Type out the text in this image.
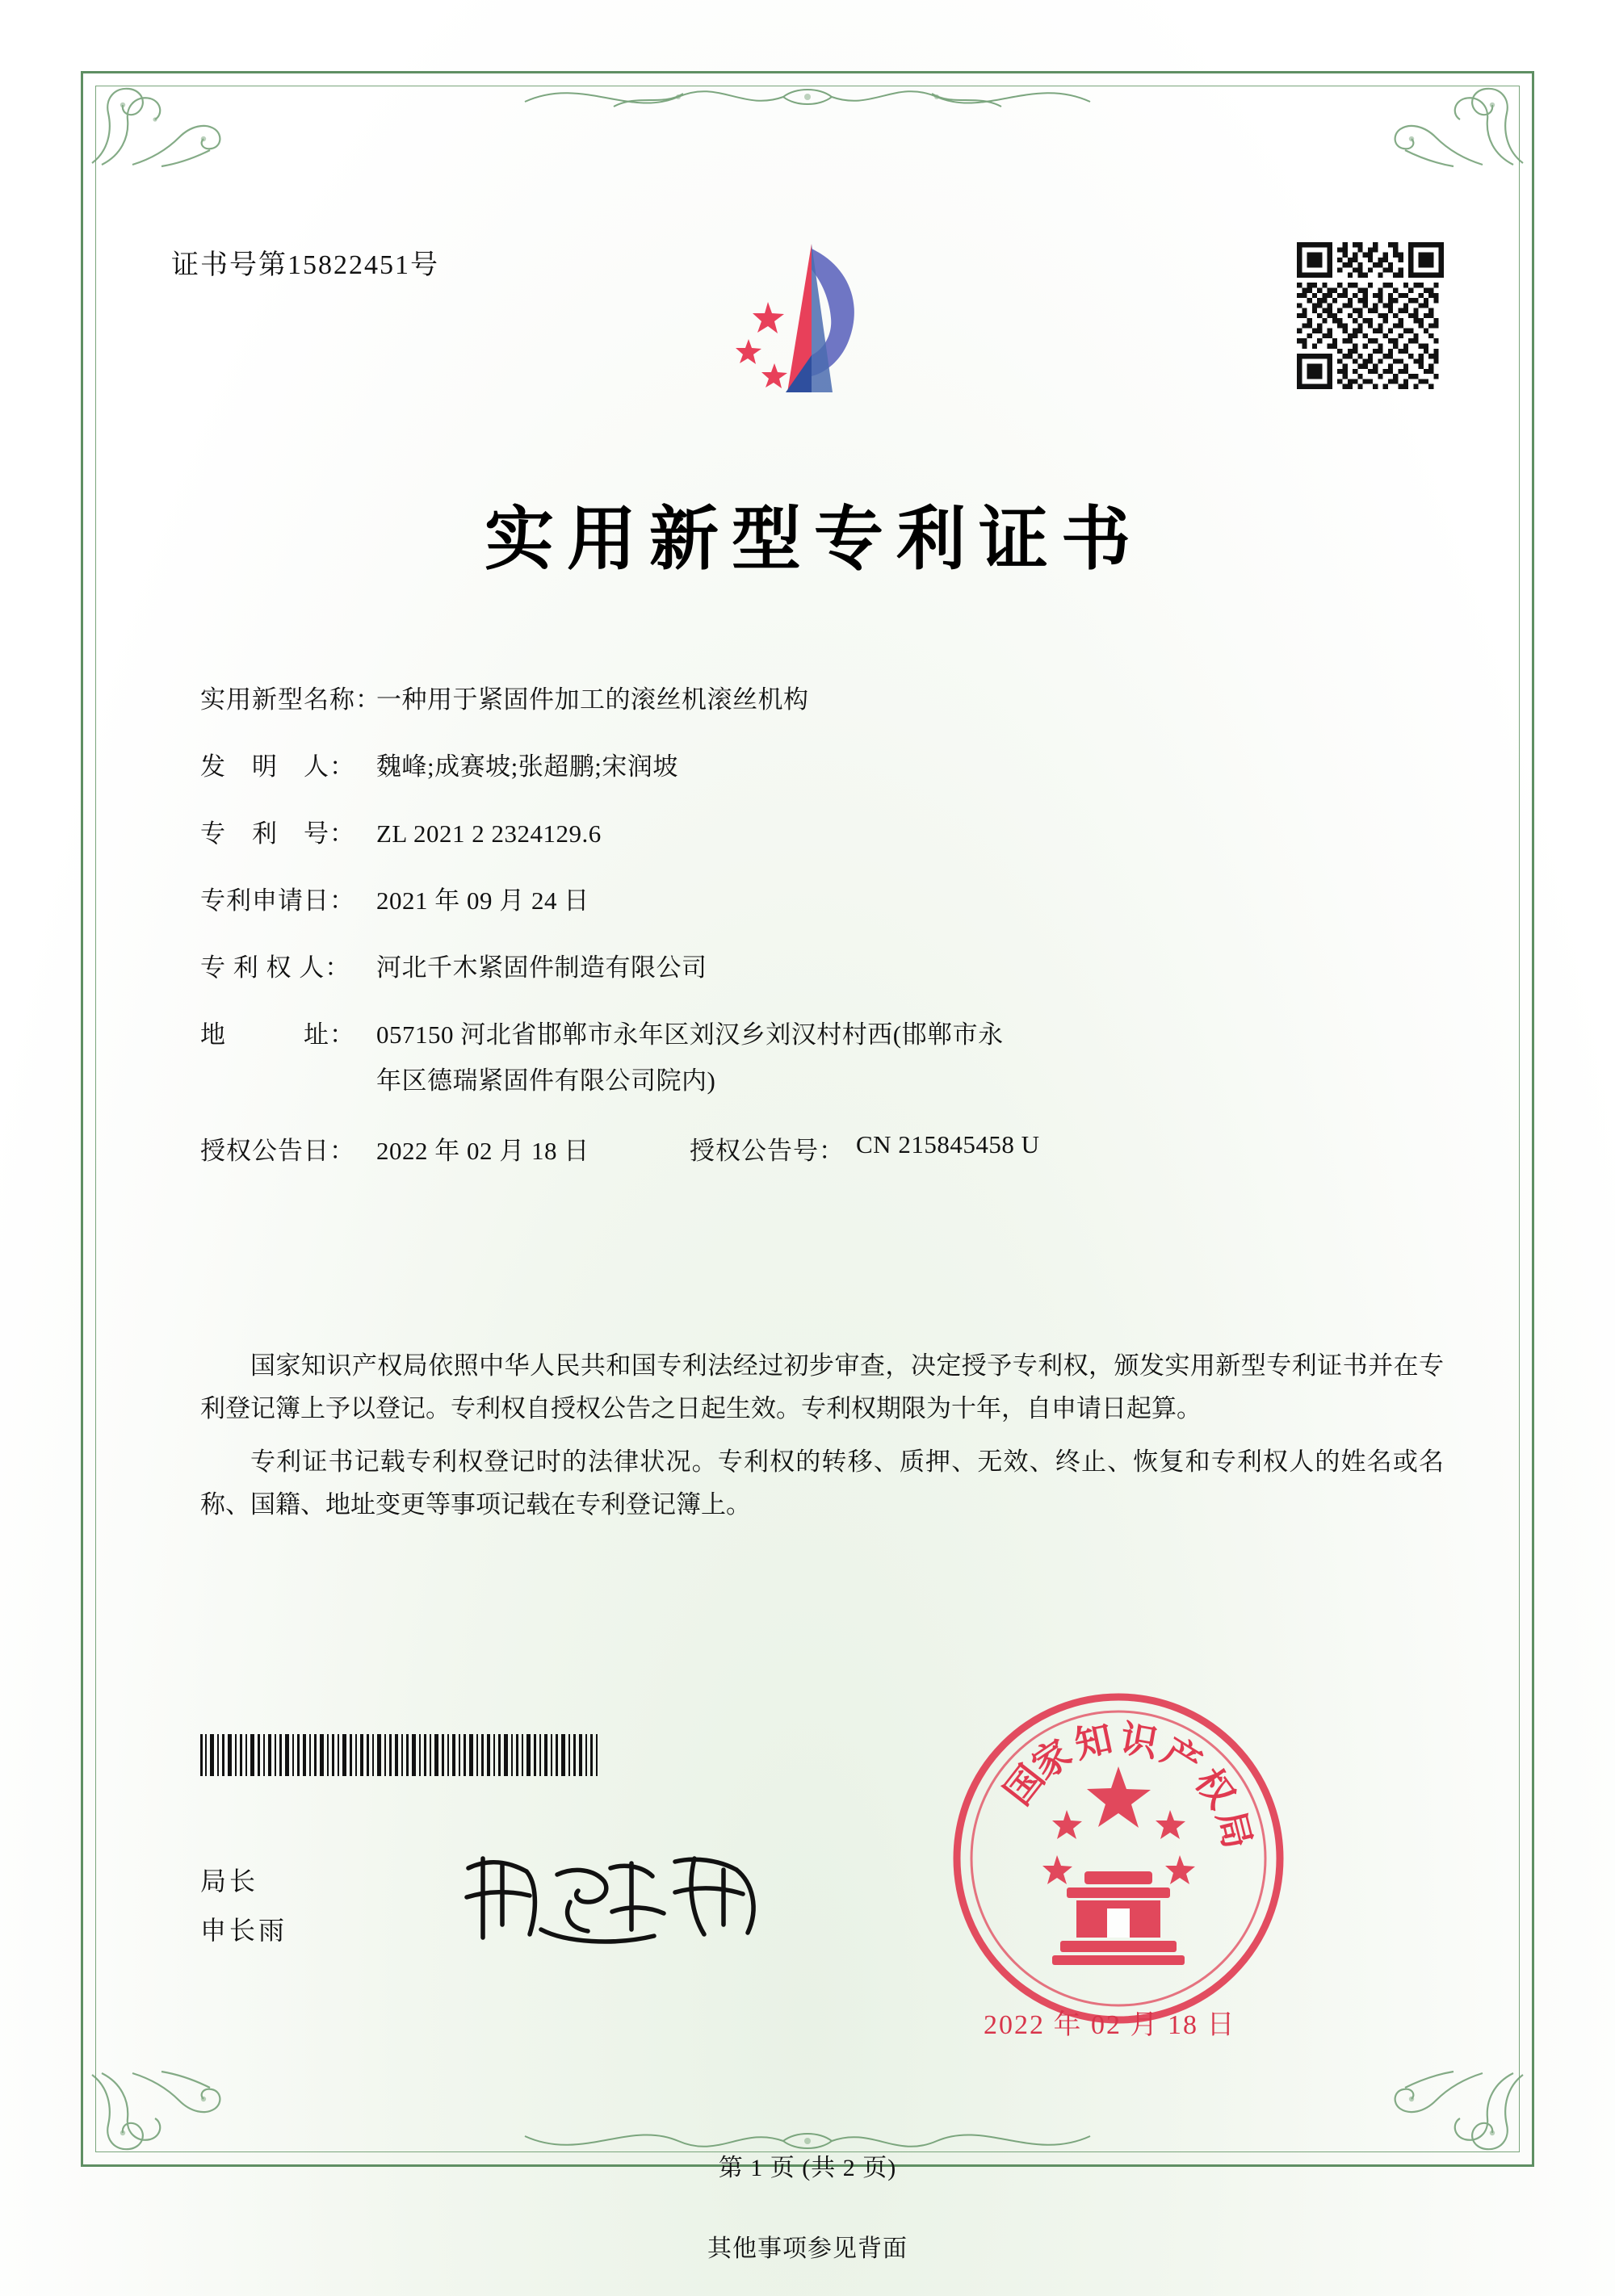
证书号第15822451号
实用新型专利证书
实用新型名称：
一种用于紧固件加工的滚丝机滚丝机构
发　明　人： 魏峰;成赛坡;张超鹏;宋润坡
专　利　号： ZL 2021 2 2324129.6
专利申请日： 2021 年 09 月 24 日
专 利 权 人：	河北千木紧固件制造有限公司
地　　　址： 057150 河北省邯郸市永年区刘汉乡刘汉村村西(邯郸市永
年区德瑞紧固件有限公司院内)
授权公告日： 2022 年 02 月 18 日	授权公告号： CN 215845458 U

国家知识产权局依照中华人民共和国专利法经过初步审查，决定授予专利权，颁发实用新型专利证书并在专利登记簿上予以登记。专利权自授权公告之日起生效。专利权期限为十年，自申请日起算。

专利证书记载专利权登记时的法律状况。专利权的转移、质押、无效、终止、恢复和专利权人的姓名或名称、国籍、地址变更等事项记载在专利登记簿上。

局长
申长雨
国
家
知 识
产
权
局
2022 年 02 月 18 日
第 1 页 (共 2 页)
其他事项参见背面
